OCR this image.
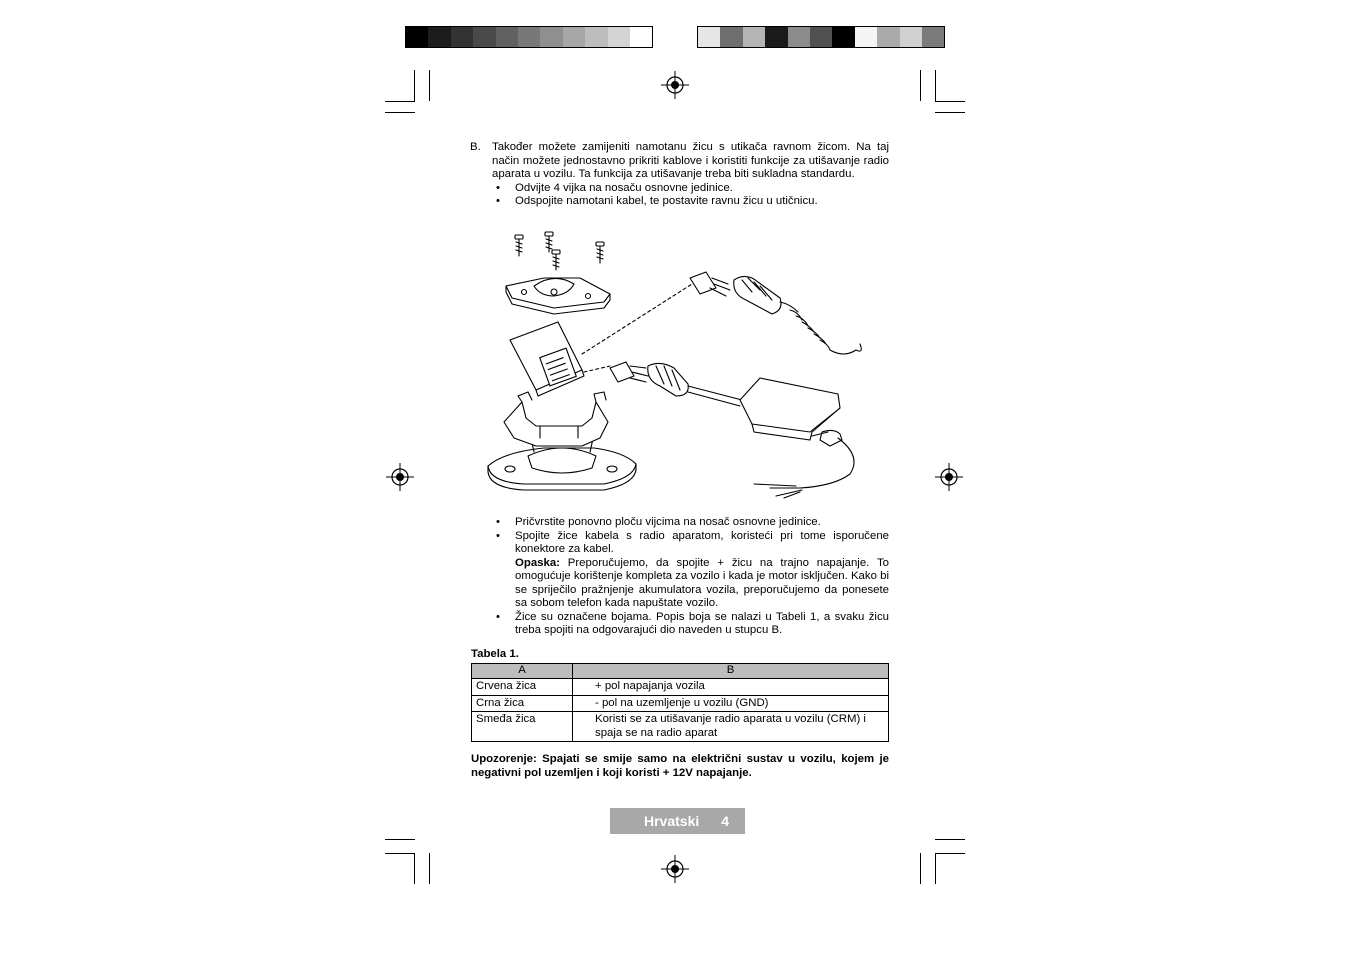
B. Također možete zamijeniti namotanu žicu s utikača ravnom žicom. Na taj način možete jednostavno prikriti kablove i koristiti funkcije za utišavanje radio aparata u vozilu. Ta funkcija za utišavanje treba biti sukladna standardu.
• Odvijte 4 vijka na nosaču osnovne jedinice.
• Odspojite namotani kabel, te postavite ravnu žicu u utičnicu.
• Pričvrstite ponovno ploču vijcima na nosač osnovne jedinice.
• Spojite žice kabela s radio aparatom, koristeći pri tome isporučene konektore za kabel.
Opaska: Preporučujemo, da spojite + žicu na trajno napajanje. To omogućuje korištenje kompleta za vozilo i kada je motor isključen. Kako bi se spriječilo pražnjenje akumulatora vozila, preporučujemo da ponesete sa sobom telefon kada napuštate vozilo.
• Žice su označene bojama. Popis boja se nalazi u Tabeli 1, a svaku žicu treba spojiti na odgovarajući dio naveden u stupcu B.
Tabela 1.
A	B
Crvena žica	+ pol napajanja vozila
Crna žica	- pol na uzemljenje u vozilu (GND)
Smeđa žica	Koristi se za utišavanje radio aparata u vozilu (CRM) i spaja se na radio aparat
Upozorenje: Spajati se smije samo na električni sustav u vozilu, kojem je negativni pol uzemljen i koji koristi + 12V napajanje.
Hrvatski 4
